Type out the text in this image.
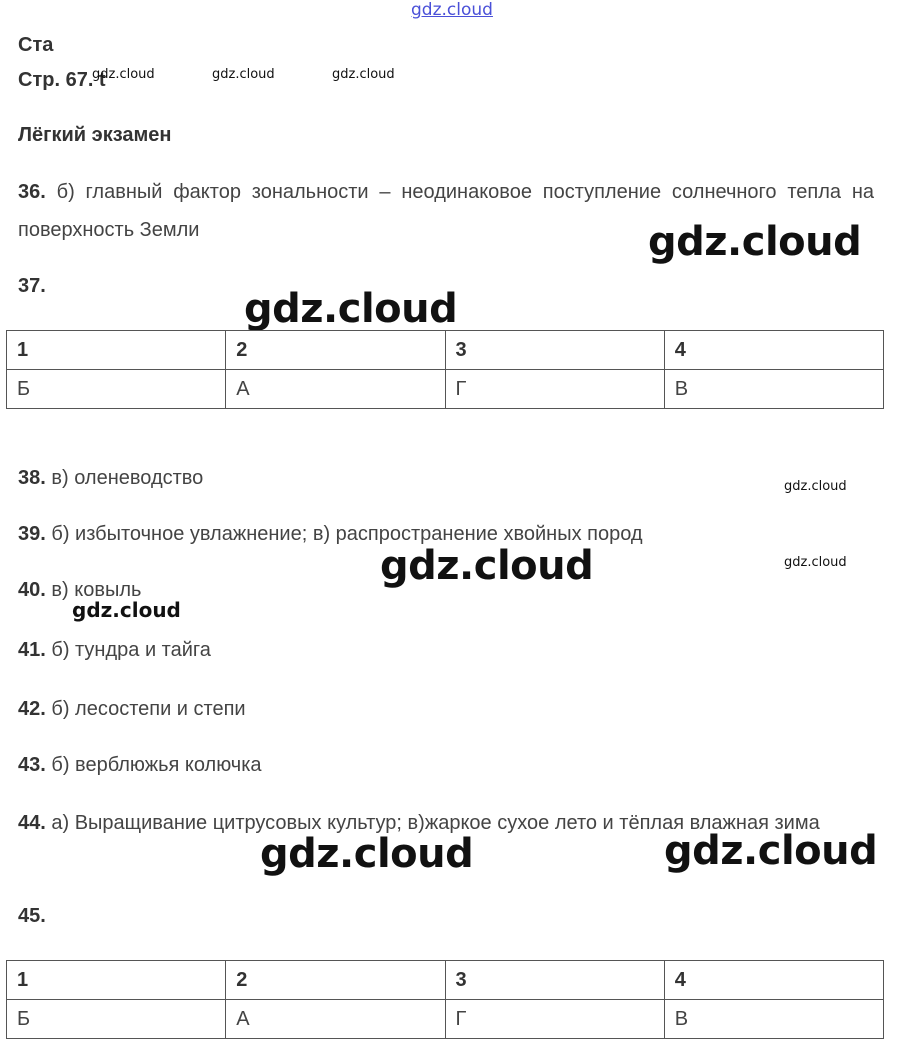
gdz.cloud
Ста
Стр. 67. t
gdz.cloud	gdz.cloud	gdz.cloud
Лёгкий экзамен
36. б) главный фактор зональности – неодинаковое поступление солнечного тепла на поверхность Земли	gdz.cloud
37.	gdz.cloud
1	2	3	4
Б	А	Г	В
38. в) оленеводство	gdz.cloud
39. б) избыточное увлажнение; в) распространение хвойных пород
gdz.cloud
gdz.cloud
40. в) ковыль
gdz.cloud
41. б) тундра и тайга
42. б) лесостепи и степи
43. б) верблюжья колючка
44. а) Выращивание цитрусовых культур; в)жаркое сухое лето и тёплая влажная зима
gdz.cloud	gdz.cloud
45.
1	2	3	4
Б	А	Г	В
